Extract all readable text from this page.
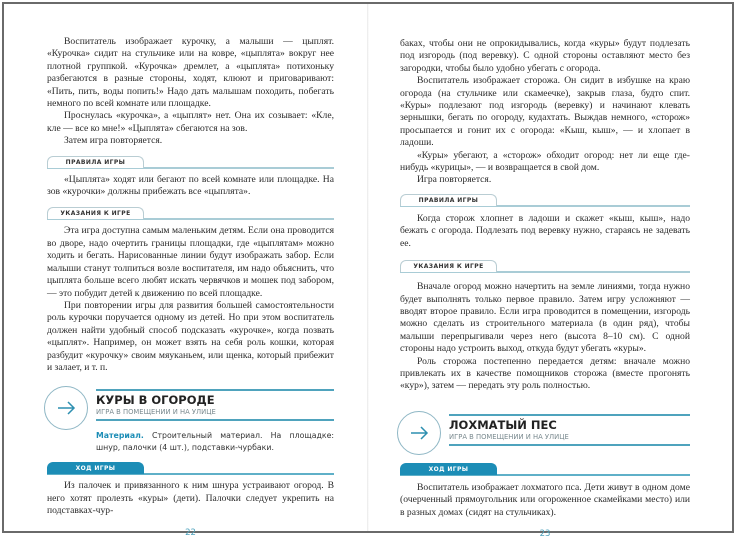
Воспитатель изображает курочку, а малыши — цыплят. «Курочка» сидит на стульчике или на ковре, «цыплята» вокруг нее плотной группкой. «Курочка» дремлет, а «цыплята» потихоньку разбегаются в разные стороны, ходят, клюют и приговаривают: «Пить, пить, воды попить!» Надо дать малышам походить, побегать немного по всей комнате или площадке.

Проснулась «курочка», а «цыплят» нет. Она их созывает: «Кле, кле — все ко мне!» «Цыплята» сбегаются на зов.

Затем игра повторяется.

ПРАВИЛА ИГРЫ

«Цыплята» ходят или бегают по всей комнате или площадке. На зов «курочки» должны прибежать все «цыплята».

УКАЗАНИЯ К ИГРЕ

Эта игра доступна самым маленьким детям. Если она проводится во дворе, надо очертить границы площадки, где «цыплятам» можно ходить и бегать. Нарисованные линии будут изображать забор. Если малыши станут толпиться возле воспитателя, им надо объяснить, что цыплята больше всего любят искать червячков и мошек под забором, — это побудит детей к движению по всей площадке.

При повторении игры для развития большей самостоятельности роль курочки поручается одному из детей. Но при этом воспитатель должен найти удобный способ подсказать «курочке», когда позвать «цыплят». Например, он может взять на себя роль кошки, которая разбудит «курочку» своим мяуканьем, или щенка, который прибежит и залает, и т. п.

КУРЫ В ОГОРОДЕ
ИГРА В ПОМЕЩЕНИИ И НА УЛИЦЕ
Материал. Строительный материал. На площадке: шнур, палочки (4 шт.), подставки-чурбаки.
ХОД ИГРЫ

Из палочек и привязанного к ним шнура устраивают огород. В него хотят пролезть «куры» (дети). Палочки следует укрепить на подставках-чур-

22

баках, чтобы они не опрокидывались, когда «куры» будут подлезать под изгородь (под веревку). С одной стороны оставляют место без загородки, чтобы было удобно убегать с огорода.

Воспитатель изображает сторожа. Он сидит в избушке на краю огорода (на стульчике или скамеечке), закрыв глаза, будто спит. «Куры» подлезают под изгородь (веревку) и начинают клевать зернышки, бегать по огороду, кудахтать. Выждав немного, «сторож» просыпается и гонит их с огорода: «Кыш, кыш», — и хлопает в ладоши.

«Куры» убегают, а «сторож» обходит огород: нет ли еще где-нибудь «курицы», — и возвращается в свой дом.

Игра повторяется.

ПРАВИЛА ИГРЫ

Когда сторож хлопнет в ладоши и скажет «кыш, кыш», надо бежать с огорода. Подлезать под веревку нужно, стараясь не задевать ее.

УКАЗАНИЯ К ИГРЕ

Вначале огород можно начертить на земле линиями, тогда нужно будет выполнять только первое правило. Затем игру усложняют — вводят второе правило. Если игра проводится в помещении, изгородь можно сделать из строительного материала (в один ряд), чтобы малыши перепрыгивали через него (высота 8–10 см). С одной стороны надо устроить выход, откуда будут убегать «куры».

Роль сторожа постепенно передается детям: вначале можно привлекать их в качестве помощников сторожа (вместе прогонять «кур»), затем — передать эту роль полностью.

ЛОХМАТЫЙ ПЕС
ИГРА В ПОМЕЩЕНИИ И НА УЛИЦЕ
ХОД ИГРЫ

Воспитатель изображает лохматого пса. Дети живут в одном доме (очерченный прямоугольник или огороженное скамейками место) или в разных домах (сидят на стульчиках).

23
